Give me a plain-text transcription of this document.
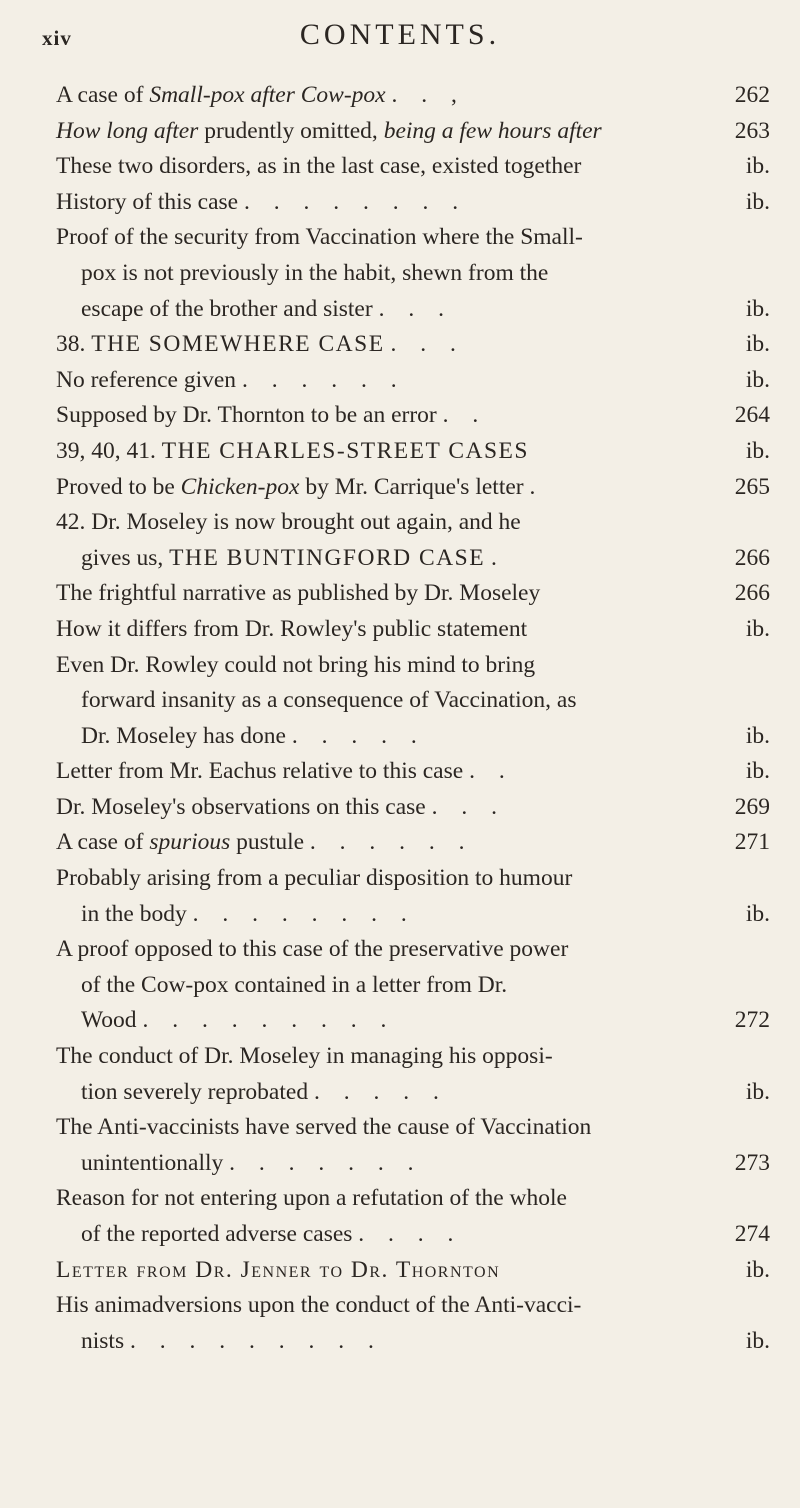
xiv	CONTENTS.
A case of Small-pox after Cow-pox . . ,	262
How long after prudently omitted, being a few hours after	263
These two disorders, as in the last case, existed together	ib.
History of this case . . . . . . . .	ib.
Proof of the security from Vaccination where the Small-
pox is not previously in the habit, shewn from the
escape of the brother and sister . . .	ib.
38. THE SOMEWHERE CASE . . .	ib.
No reference given . . . . . .	ib.
Supposed by Dr. Thornton to be an error . .	264
39, 40, 41. THE CHARLES-STREET CASES	ib.
Proved to be Chicken-pox by Mr. Carrique's letter .	265
42. Dr. Moseley is now brought out again, and he
gives us, THE BUNTINGFORD CASE .	266
The frightful narrative as published by Dr. Moseley	266
How it differs from Dr. Rowley's public statement	ib.
Even Dr. Rowley could not bring his mind to bring
forward insanity as a consequence of Vaccination, as
Dr. Moseley has done . . . . .	ib.
Letter from Mr. Eachus relative to this case . .	ib.
Dr. Moseley's observations on this case . . .	269
A case of spurious pustule . . . . . .	271
Probably arising from a peculiar disposition to humour
in the body . . . . . . . .	ib.
A proof opposed to this case of the preservative power
of the Cow-pox contained in a letter from Dr.
Wood . . . . . . . . .	272
The conduct of Dr. Moseley in managing his opposi-
tion severely reprobated . . . . .	ib.
The Anti-vaccinists have served the cause of Vaccination
unintentionally . . . . . . .	273
Reason for not entering upon a refutation of the whole
of the reported adverse cases . . . .	274
Letter from Dr. Jenner to Dr. Thornton	ib.
His animadversions upon the conduct of the Anti-vacci-
nists . . . . . . . . .	ib.
